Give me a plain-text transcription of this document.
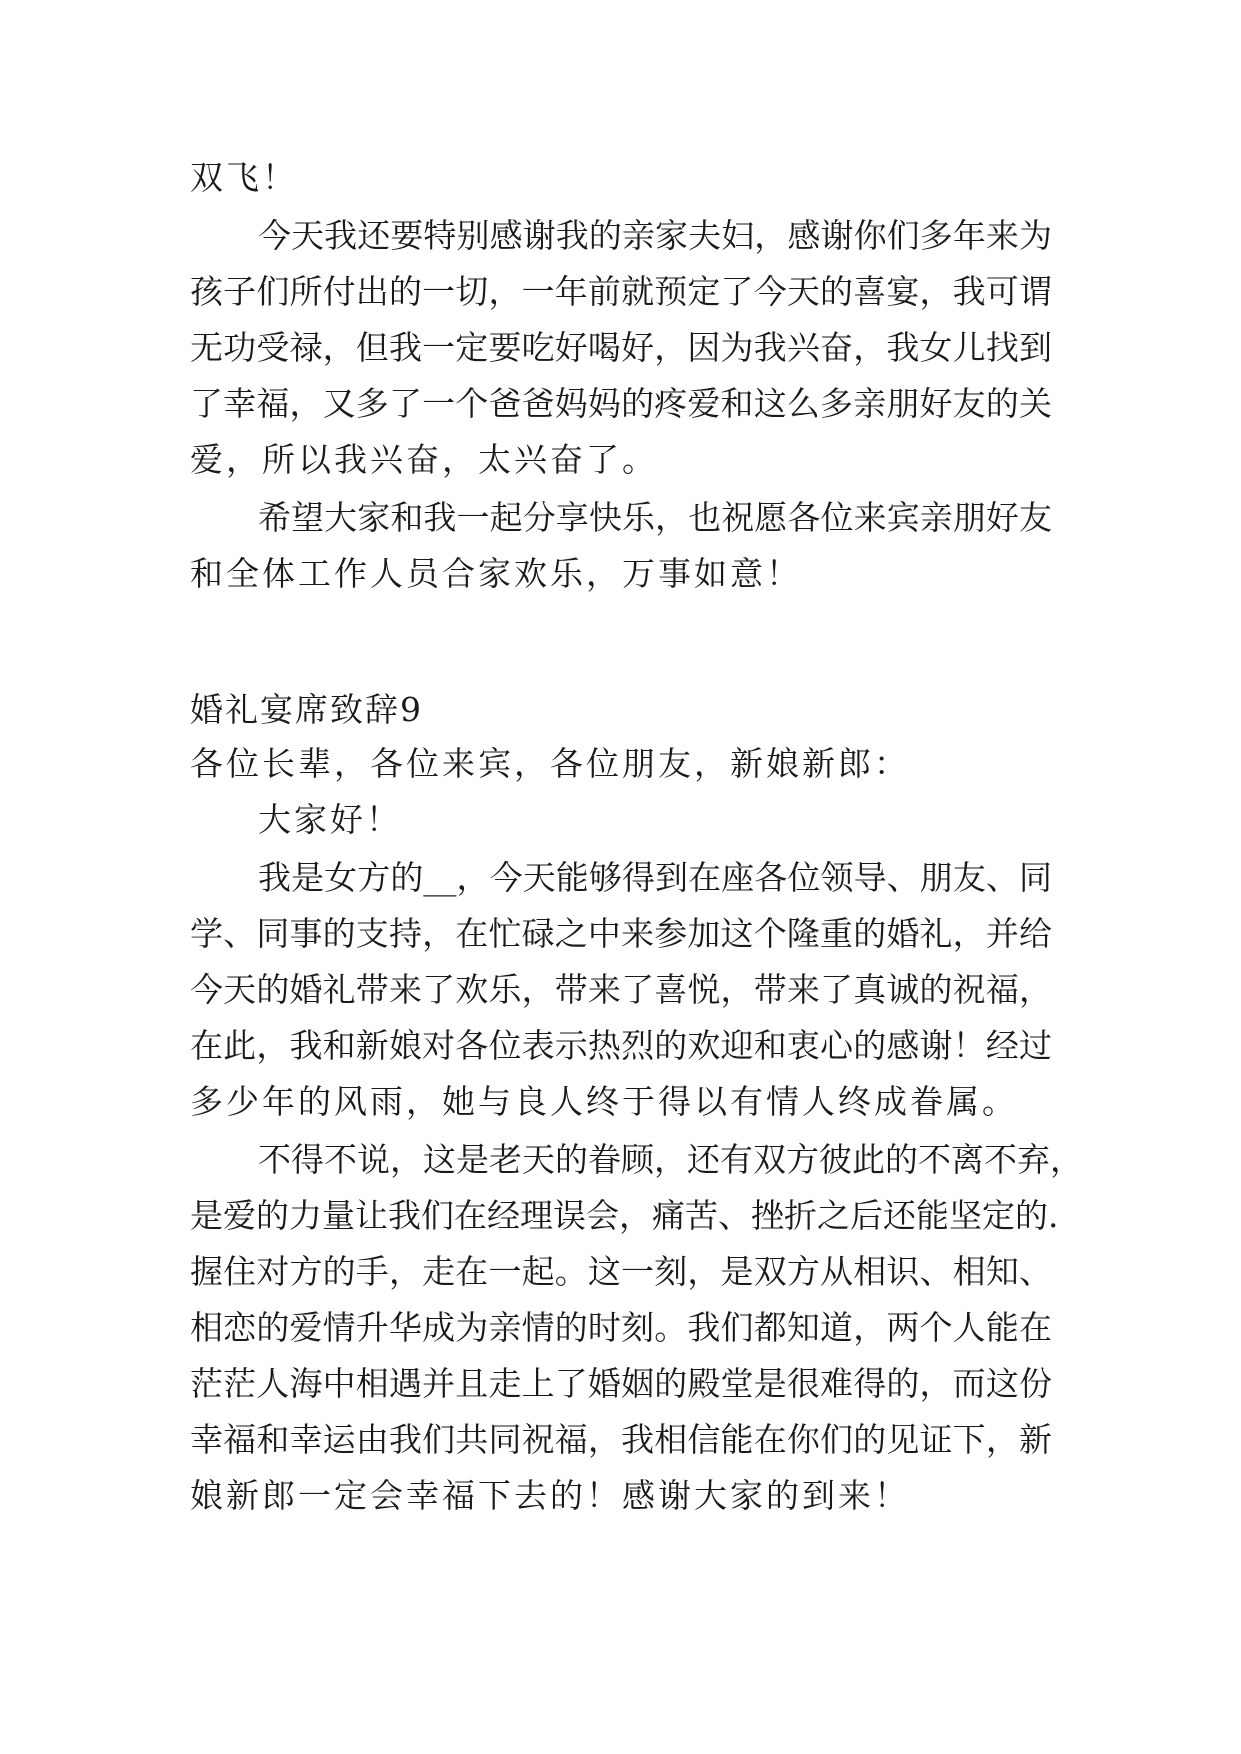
双飞！
今天我还要特别感谢我的亲家夫妇，感谢你们多年来为
孩子们所付出的一切，一年前就预定了今天的喜宴，我可谓
无功受禄，但我一定要吃好喝好，因为我兴奋，我女儿找到
了幸福，又多了一个爸爸妈妈的疼爱和这么多亲朋好友的关
爱，所以我兴奋，太兴奋了。
希望大家和我一起分享快乐，也祝愿各位来宾亲朋好友
和全体工作人员合家欢乐，万事如意！
婚礼宴席致辞9
各位长辈，各位来宾，各位朋友，新娘新郎：
大家好！
我是女方的__，今天能够得到在座各位领导、朋友、同
学、同事的支持，在忙碌之中来参加这个隆重的婚礼，并给
今天的婚礼带来了欢乐，带来了喜悦，带来了真诚的祝福，
在此，我和新娘对各位表示热烈的欢迎和衷心的感谢！经过
多少年的风雨，她与良人终于得以有情人终成眷属。
不得不说，这是老天的眷顾，还有双方彼此的不离不弃，
是爱的力量让我们在经理误会，痛苦、挫折之后还能坚定的.
握住对方的手，走在一起。这一刻，是双方从相识、相知、
相恋的爱情升华成为亲情的时刻。我们都知道，两个人能在
茫茫人海中相遇并且走上了婚姻的殿堂是很难得的，而这份
幸福和幸运由我们共同祝福，我相信能在你们的见证下，新
娘新郎一定会幸福下去的！感谢大家的到来！
